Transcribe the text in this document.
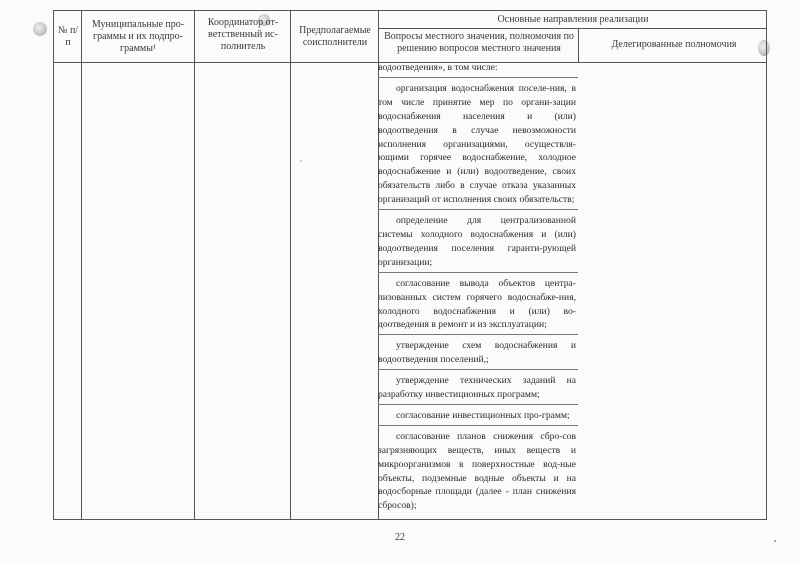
№ п/п
Муниципальные про-граммы и их подпро-граммы¹
Координатор от-ветственный ис-полнитель
Предполагаемые соисполнители
Основные направления реализации
Вопросы местного значения, полномочия по решению вопросов местного значения	Делегированные полномочия
водоотведения», в том числе:
организация водоснабжения поселе-ния, в том числе принятие мер по органи-зации водоснабжения населения и (или) водоотведения в случае невозможности исполнения организациями, осуществля-ющими горячее водоснабжение, холодное водоснабжение и (или) водоотведение, своих обязательств либо в случае отказа указанных организаций от исполнения своих обязательств;
определение для централизованной системы холодного водоснабжения и (или) водоотведения поселения гаранти-рующей организации;
согласование вывода объектов центра-лизованных систем горячего водоснабже-ния, холодного водоснабжения и (или) во-доотведения в ремонт и из эксплуатации;
утверждение схем водоснабжения и водоотведения поселений,;
утверждение технических заданий на разработку инвестиционных программ;
согласование инвестиционных про-грамм;
согласование планов снижения сбро-сов загрязняющих веществ, иных веществ и микроорганизмов в поверхностные вод-ные объекты, подземные водные объекты и на водосборные площади (далее - план снижения сбросов);
22
